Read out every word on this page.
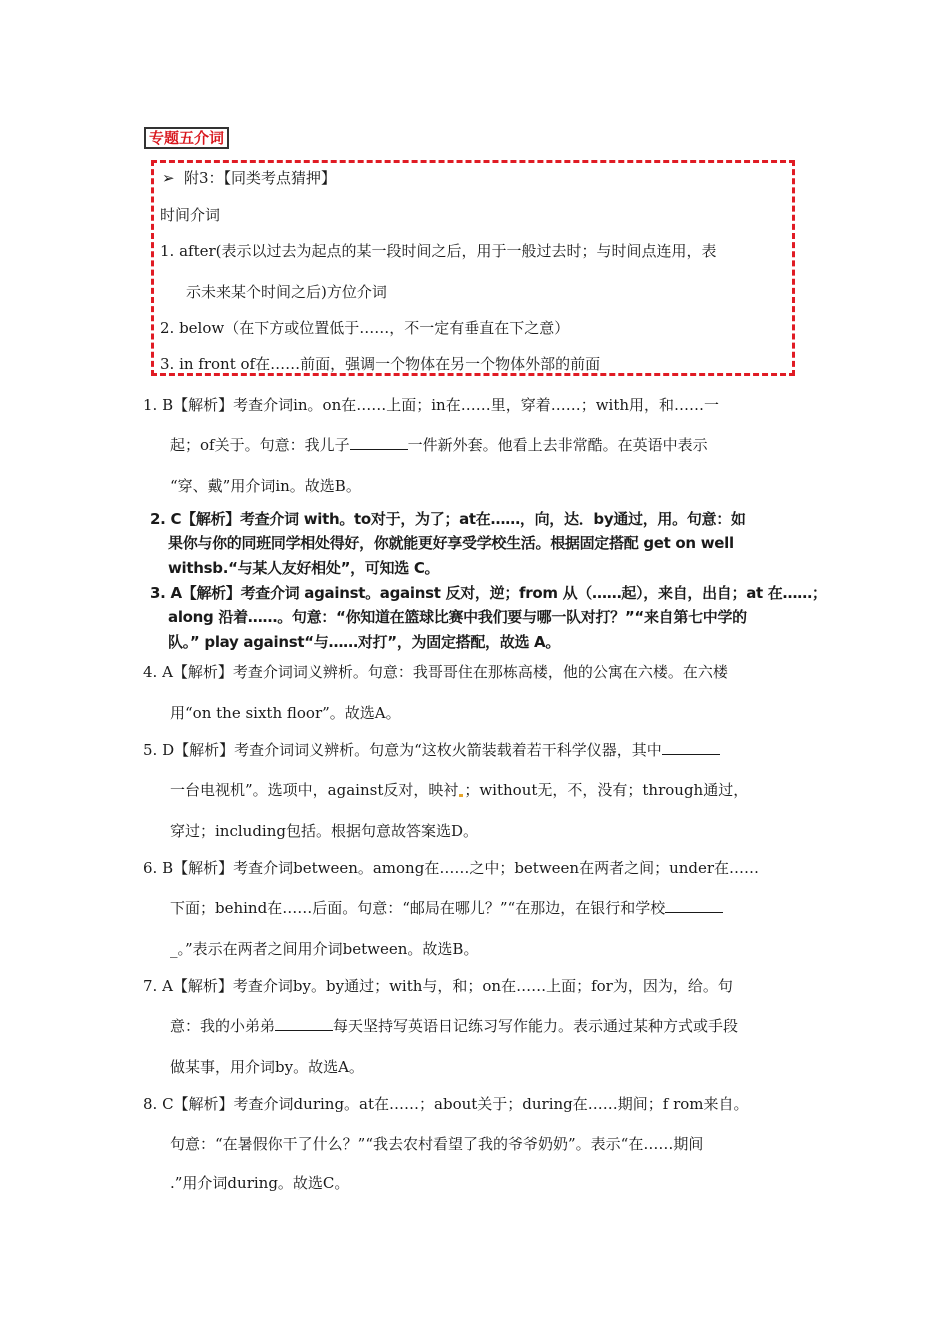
专题五介词
➢ 附3：【同类考点猜押】
时间介词
1. after(表示以过去为起点的某一段时间之后，用于一般过去时；与时间点连用，表
示未来某个时间之后)方位介词
2. below（在下方或位置低于……，不一定有垂直在下之意）
3. in front of在……前面，强调一个物体在另一个物体外部的前面
1. B【解析】考查介词in。on在……上面；in在……里，穿着……；with用，和……一
起；of关于。句意：我儿子	一件新外套。他看上去非常酷。在英语中表示
“穿、戴”用介词in。故选B。
2. C【解析】考查介词 with。to对于，为了；at在……，向，达．by通过，用。句意：如
果你与你的同班同学相处得好，你就能更好享受学校生活。根据固定搭配 get on well
withsb.“与某人友好相处”，可知选 C。
3. A【解析】考查介词 against。against 反对，逆；from 从（……起），来自，出自；at 在……；
along 沿着……。句意：“你知道在篮球比赛中我们要与哪一队对打？”“来自第七中学的
队。” play against“与……对打”，为固定搭配，故选 A。
4. A【解析】考查介词词义辨析。句意：我哥哥住在那栋高楼，他的公寓在六楼。在六楼
用“on the sixth floor”。故选A。
5. D【解析】考查介词词义辨析。句意为“这枚火箭装载着若干科学仪器，其中
一台电视机”。选项中，against反对，映衬 ；without无，不，没有；through通过，
穿过；including包括。根据句意故答案选D。
6. B【解析】考查介词between。among在……之中；between在两者之间；under在……
下面；behind在……后面。句意：“邮局在哪儿？”“在那边，在银行和学校
_。”表示在两者之间用介词between。故选B。
7. A【解析】考查介词by。by通过；with与，和；on在……上面；for为，因为，给。句
意：我的小弟弟	每天坚持写英语日记练习写作能力。表示通过某种方式或手段
做某事，用介词by。故选A。
8. C【解析】考查介词during。at在……；about关于；during在……期间；f rom来自。
句意：“在暑假你干了什么？”“我去农村看望了我的爷爷奶奶”。表示“在……期间
.”用介词during。故选C。
